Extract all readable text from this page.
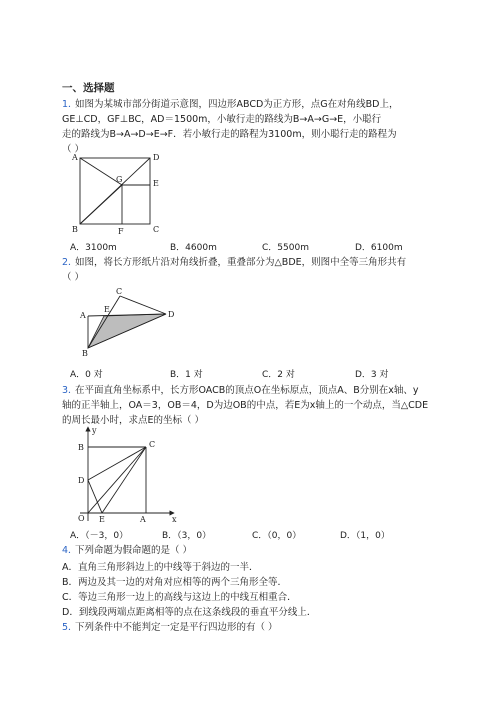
一、选择题
1．
如图为某城市部分街道示意图，四边形ABCD为正方形，点G在对角线BD上，
GE⊥CD，GF⊥BC，AD＝1500m，小敏行走的路线为B→A→G→E，小聪行
走的路线为B→A→D→E→F．若小敏行走的路程为3100m，则小聪行走的路程为
（ ）
A	D
G	E
B	F	C
A．3100m	B．4600m	C．5500m	D．6100m
2．
如图，将长方形纸片沿对角线折叠，重叠部分为△BDE，则图中全等三角形共有
（ ）
C
E
A	D
B
A．0 对	B．1 对	C．2 对	D．3 对
3．
在平面直角坐标系中，长方形OACB的顶点O在坐标原点，顶点A、B分别在x轴、y
轴的正半轴上，OA＝3，OB＝4，D为边OB的中点，若E为x轴上的一个动点，当△CDE
的周长最小时，求点E的坐标（ ）
y
B	C
D
O E	A	x
A．（－3，0）	B．（3，0）	C．（0，0）	D．（1，0）
4．
下列命题为假命题的是（ ）
A．直角三角形斜边上的中线等于斜边的一半．
B．两边及其一边的对角对应相等的两个三角形全等．
C．等边三角形一边上的高线与这边上的中线互相重合．
D．到线段两端点距离相等的点在这条线段的垂直平分线上．
5．
下列条件中不能判定一定是平行四边形的有（ ）
